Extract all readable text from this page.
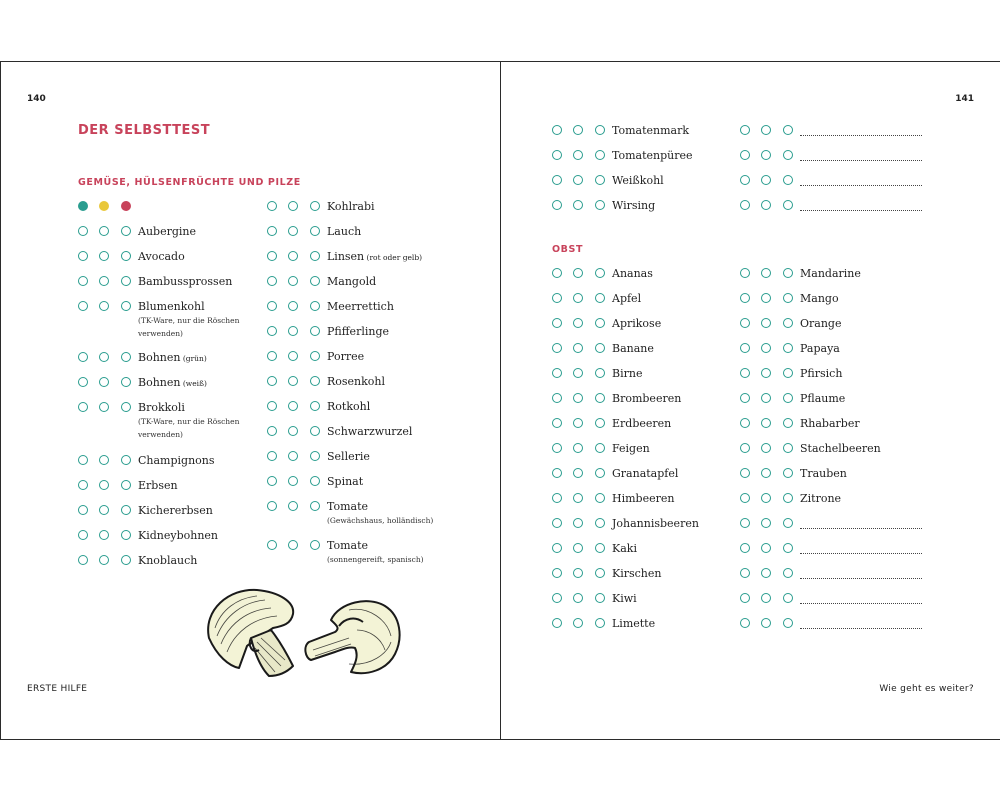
140
DER SELBSTTEST
GEMÜSE, HÜLSENFRÜCHTE UND PILZE
Aubergine
Avocado
Bambussprossen
Blumenkohl
(TK-Ware, nur die Röschen verwenden)
Bohnen (grün)
Bohnen (weiß)
Brokkoli
(TK-Ware, nur die Röschen verwenden)
Champignons
Erbsen
Kichererbsen
Kidneybohnen
Knoblauch
Kohlrabi
Lauch
Linsen (rot oder gelb)
Mangold
Meerrettich
Pfifferlinge
Porree
Rosenkohl
Rotkohl
Schwarzwurzel
Sellerie
Spinat
Tomate
(Gewächshaus, holländisch)
Tomate
(sonnengereift, spanisch)
ERSTE HILFE
141
Tomatenmark
Tomatenpüree
Weißkohl
Wirsing
OBST
Ananas
Apfel
Aprikose
Banane
Birne
Brombeeren
Erdbeeren
Feigen
Granatapfel
Himbeeren
Johannisbeeren
Kaki
Kirschen
Kiwi
Limette
Mandarine
Mango
Orange
Papaya
Pfirsich
Pflaume
Rhabarber
Stachelbeeren
Trauben
Zitrone
Wie geht es weiter?
